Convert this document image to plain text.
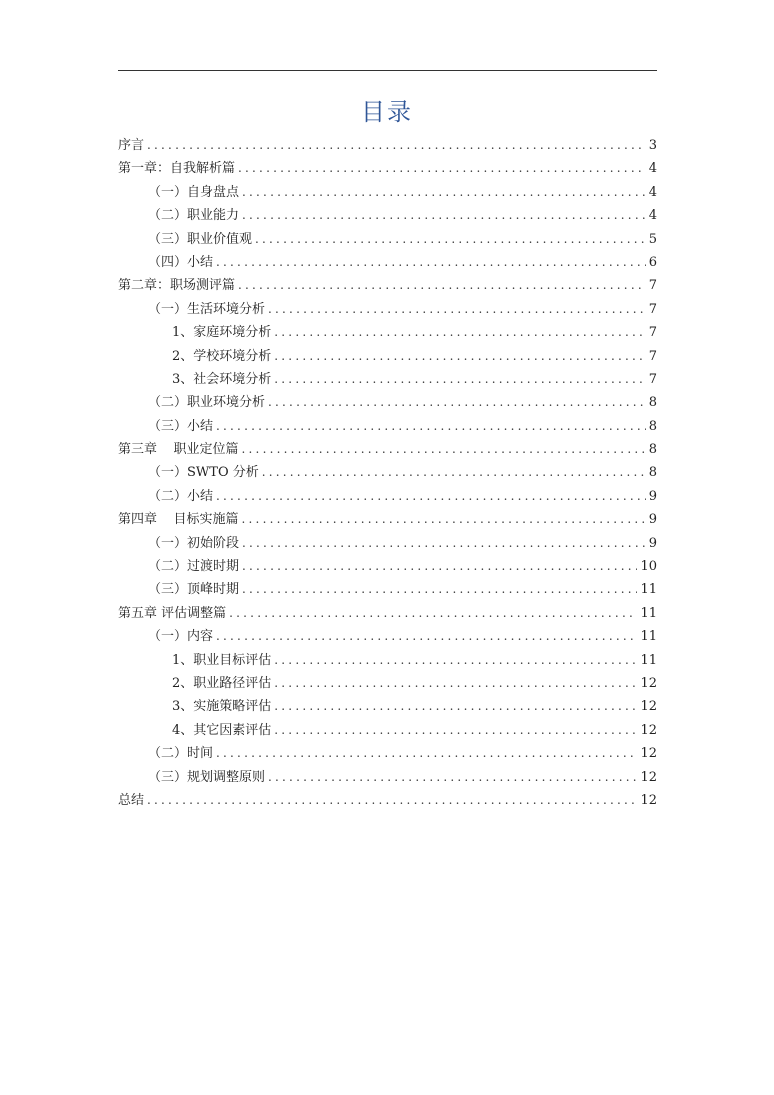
目录
序言 .....	3
第一章：自我解析篇 .....	4
（一）自身盘点 .....	4
（二）职业能力 .....	4
（三）职业价值观 .....	5
（四）小结 .....	6
第二章：职场测评篇 .....	7
（一）生活环境分析 .....	7
1、家庭环境分析 .....	7
2、学校环境分析 .....	7
3、社会环境分析 .....	7
（二）职业环境分析 .....	8
（三）小结 .....	8
第三章    职业定位篇 .....	8
（一）SWTO 分析 .....	8
（二）小结 .....	9
第四章    目标实施篇 .....	9
（一）初始阶段 .....	9
（二）过渡时期 .....	10
（三）顶峰时期 .....	11
第五章 评估调整篇 .....	11
（一）内容 .....	11
1、职业目标评估 .....	11
2、职业路径评估 .....	12
3、实施策略评估 .....	12
4、其它因素评估 .....	12
（二）时间 .....	12
（三）规划调整原则 .....	12
总结 .....	12
